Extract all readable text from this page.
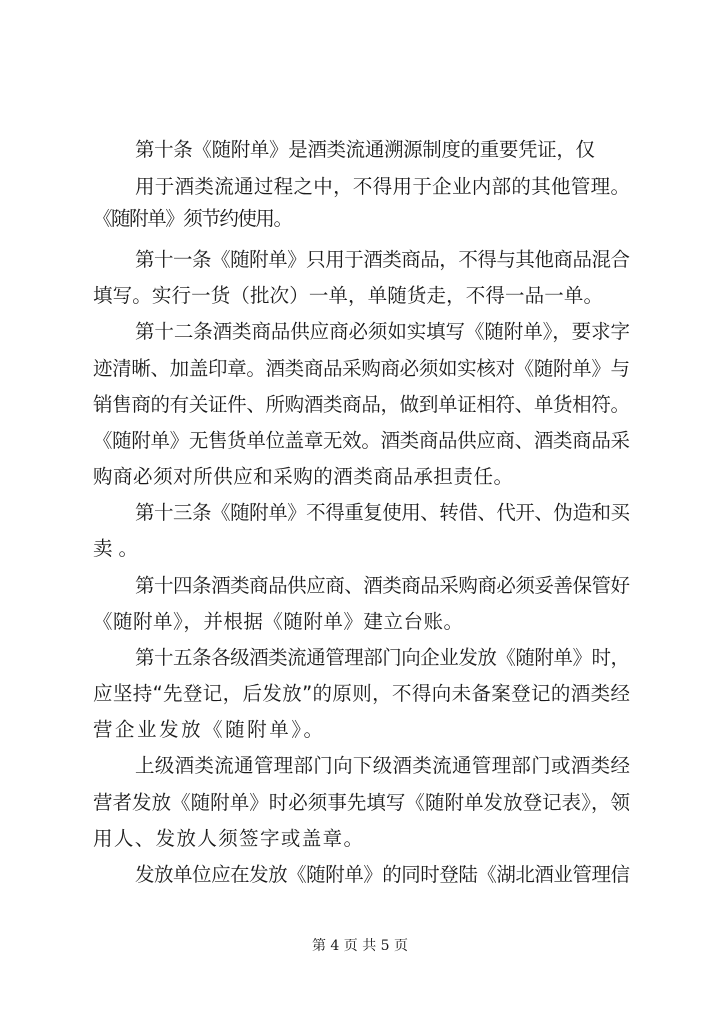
第十条《随附单》是酒类流通溯源制度的重要凭证，仅
用于酒类流通过程之中，不得用于企业内部的其他管理。
《随附单》须节约使用。
第十一条《随附单》只用于酒类商品，不得与其他商品混合
填写。实行一货（批次）一单，单随货走，不得一品一单。
第十二条酒类商品供应商必须如实填写《随附单》，要求字
迹清晰、加盖印章。酒类商品采购商必须如实核对《随附单》与
销售商的有关证件、所购酒类商品，做到单证相符、单货相符。
《随附单》无售货单位盖章无效。酒类商品供应商、酒类商品采
购商必须对所供应和采购的酒类商品承担责任。
第十三条《随附单》不得重复使用、转借、代开、伪造和买
卖。
第十四条酒类商品供应商、酒类商品采购商必须妥善保管好
《随附单》，并根据《随附单》建立台账。
第十五条各级酒类流通管理部门向企业发放《随附单》时，
应坚持“先登记，后发放”的原则，不得向未备案登记的酒类经
营企业发放《随附单》。
上级酒类流通管理部门向下级酒类流通管理部门或酒类经
营者发放《随附单》时必须事先填写《随附单发放登记表》，领
用人、发放人须签字或盖章。
发放单位应在发放《随附单》的同时登陆《湖北酒业管理信
第 4 页 共 5 页
